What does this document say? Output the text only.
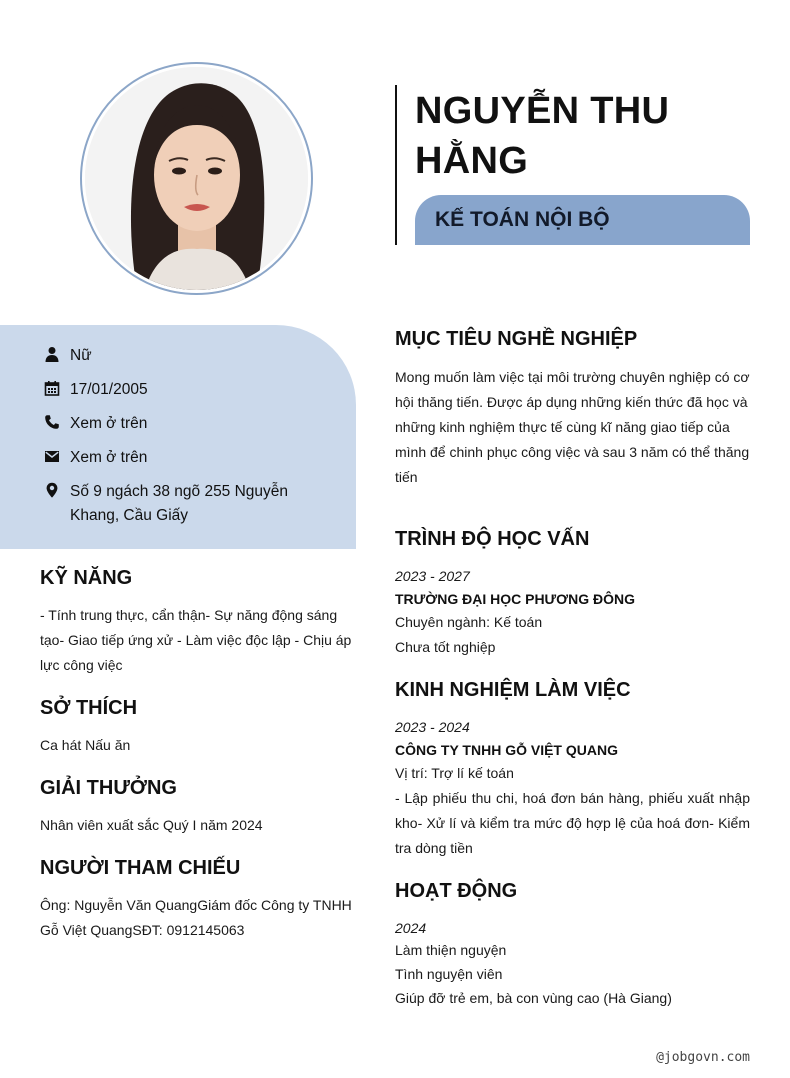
NGUYỄN THU HẰNG
KẾ TOÁN NỘI BỘ
Nữ
17/01/2005
Xem ở trên
Xem ở trên
Số 9 ngách 38 ngõ 255 Nguyễn Khang, Cầu Giấy
KỸ NĂNG
- Tính trung thực, cẩn thận- Sự năng động sáng tạo- Giao tiếp ứng xử - Làm việc độc lập - Chịu áp lực công việc
SỞ THÍCH
Ca hát Nấu ăn
GIẢI THƯỞNG
Nhân viên xuất sắc Quý I năm 2024
NGƯỜI THAM CHIẾU
Ông: Nguyễn Văn QuangGiám đốc Công ty TNHH Gỗ Việt QuangSĐT: 0912145063
MỤC TIÊU NGHỀ NGHIỆP
Mong muốn làm việc tại môi trường chuyên nghiệp có cơ hội thăng tiến. Được áp dụng những kiến thức đã học và những kinh nghiệm thực tế cùng kĩ năng giao tiếp của mình để chinh phục công việc và sau 3 năm có thể thăng tiến
TRÌNH ĐỘ HỌC VẤN
2023 - 2027
TRƯỜNG ĐẠI HỌC PHƯƠNG ĐÔNG
Chuyên ngành: Kế toán
Chưa tốt nghiệp
KINH NGHIỆM LÀM VIỆC
2023 - 2024
CÔNG TY TNHH GỖ VIỆT QUANG
Vị trí: Trợ lí kế toán
- Lập phiếu thu chi, hoá đơn bán hàng, phiếu xuất nhập kho- Xử lí và kiểm tra mức độ hợp lệ của hoá đơn- Kiểm tra dòng tiền
HOẠT ĐỘNG
2024
Làm thiện nguyện
Tình nguyện viên
Giúp đỡ trẻ em, bà con vùng cao (Hà Giang)
@jobgovn.com
